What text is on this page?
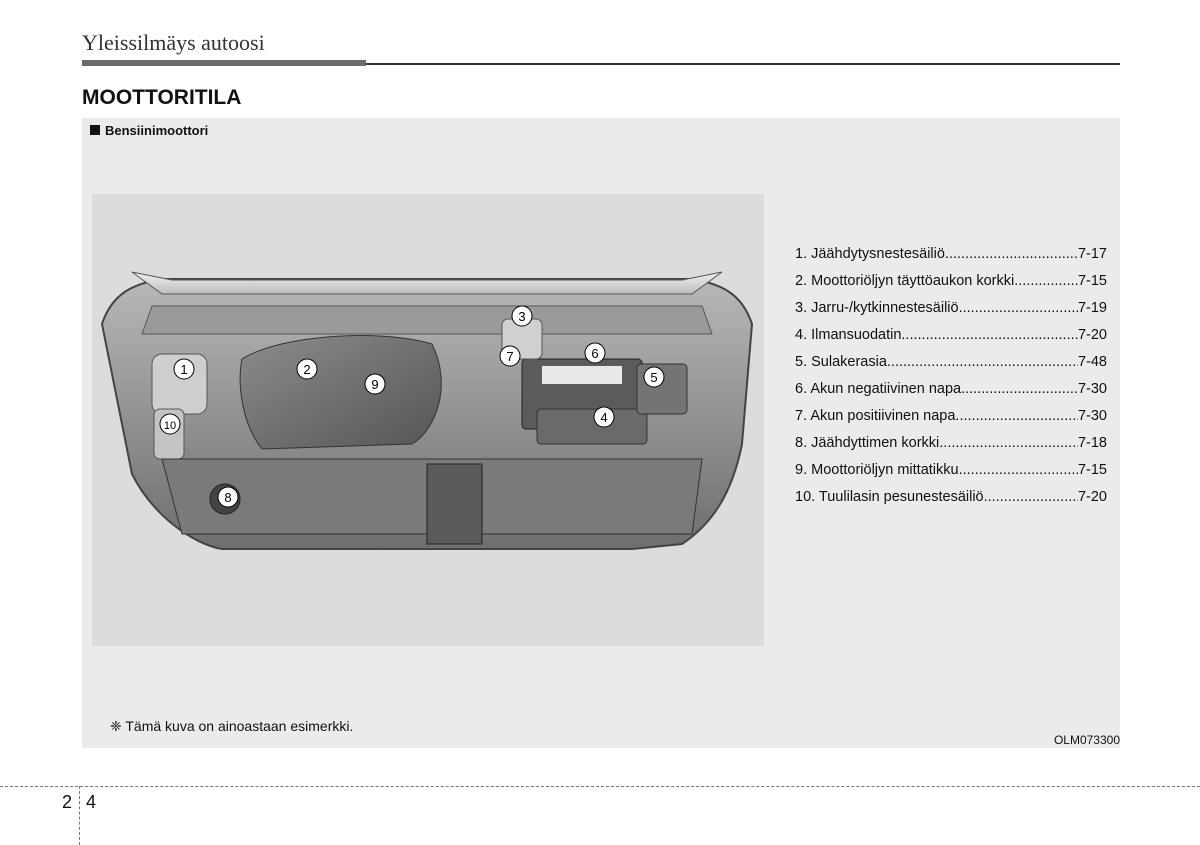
Yleissilmäys autoosi
MOOTTORITILA
Bensiinimoottori
1	2
3
4
5
6
7
8
9
10
1. Jäähdytysnestesäiliö .....	7-17
2. Moottoriöljyn täyttöaukon korkki .....	7-15
3. Jarru-/kytkinnestesäiliö .....	7-19
4. Ilmansuodatin .....	7-20
5. Sulakerasia .....	7-48
6. Akun negatiivinen napa .....	7-30
7. Akun positiivinen napa .....	7-30
8. Jäähdyttimen korkki .....	7-18
9. Moottoriöljyn mittatikku .....	7-15
10. Tuulilasin pesunestesäiliö .....	7-20
❈ Tämä kuva on ainoastaan esimerkki.
OLM073300
2 4
